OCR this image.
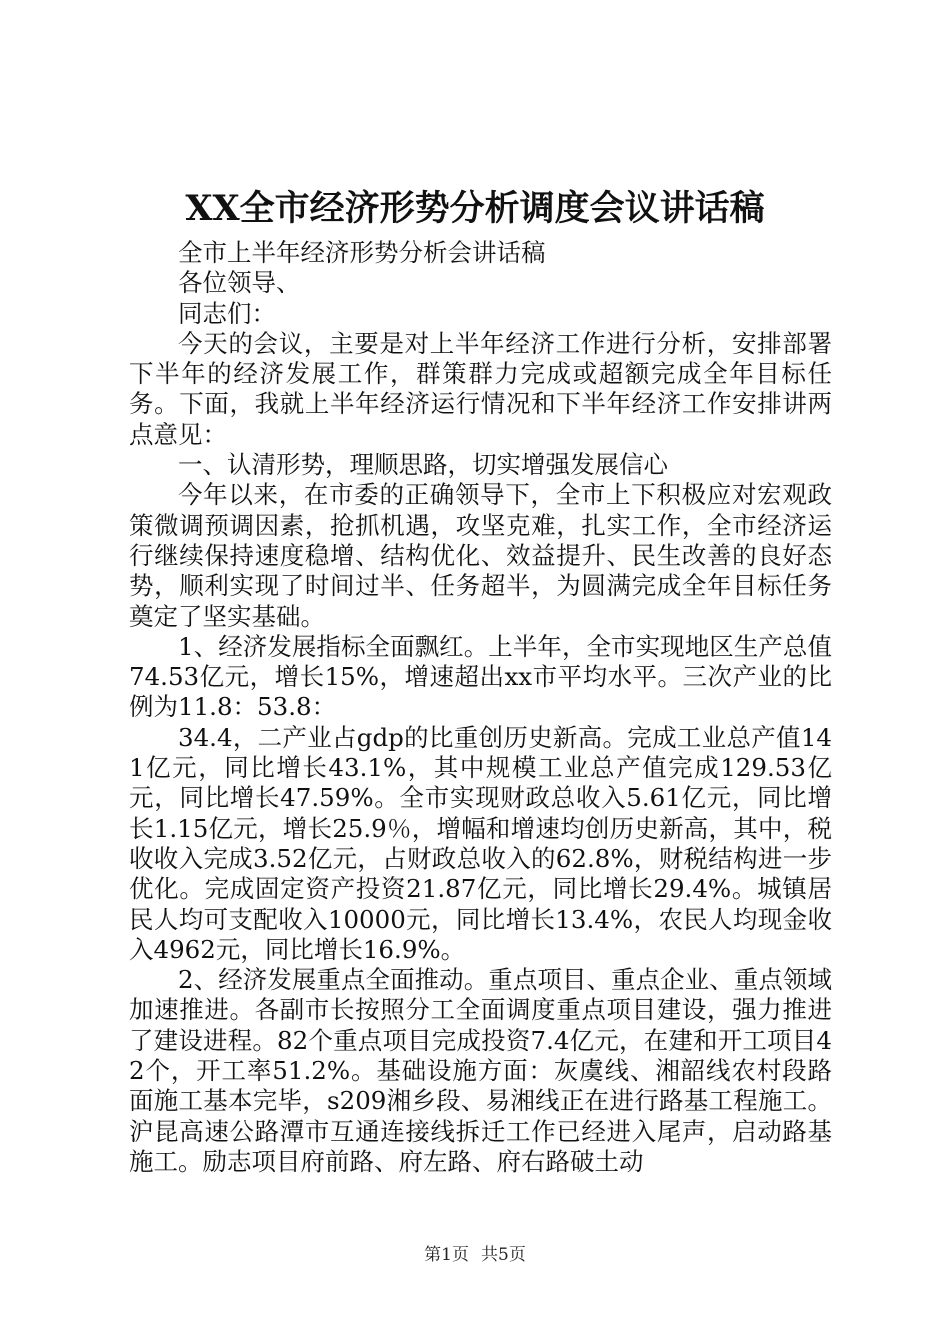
XX全市经济形势分析调度会议讲话稿

全市上半年经济形势分析会讲话稿

各位领导、

同志们：

今天的会议，主要是对上半年经济工作进行分析，安排部署下半年的经济发展工作，群策群力完成或超额完成全年目标任务。下面，我就上半年经济运行情况和下半年经济工作安排讲两点意见：

一、认清形势，理顺思路，切实增强发展信心

今年以来，在市委的正确领导下，全市上下积极应对宏观政策微调预调因素，抢抓机遇，攻坚克难，扎实工作，全市经济运行继续保持速度稳增、结构优化、效益提升、民生改善的良好态势，顺利实现了时间过半、任务超半，为圆满完成全年目标任务奠定了坚实基础。

1、经济发展指标全面飘红。上半年，全市实现地区生产总值74.53亿元，增长15%，增速超出xx市平均水平。三次产业的比例为11.8：53.8：

34.4，二产业占gdp的比重创历史新高。完成工业总产值141亿元，同比增长43.1%，其中规模工业总产值完成129.53亿元，同比增长47.59%。全市实现财政总收入5.61亿元，同比增长1.15亿元，增长25.9％，增幅和增速均创历史新高，其中，税收收入完成3.52亿元，占财政总收入的62.8%，财税结构进一步优化。完成固定资产投资21.87亿元，同比增长29.4%。城镇居民人均可支配收入10000元，同比增长13.4%，农民人均现金收入4962元，同比增长16.9%。

2、经济发展重点全面推动。重点项目、重点企业、重点领域加速推进。各副市长按照分工全面调度重点项目建设，强力推进了建设进程。82个重点项目完成投资7.4亿元，在建和开工项目42个，开工率51.2%。基础设施方面：灰虞线、湘韶线农村段路面施工基本完毕，s209湘乡段、易湘线正在进行路基工程施工。沪昆高速公路潭市互通连接线拆迁工作已经进入尾声，启动路基施工。励志项目府前路、府左路、府右路破土动

第1页 共5页
